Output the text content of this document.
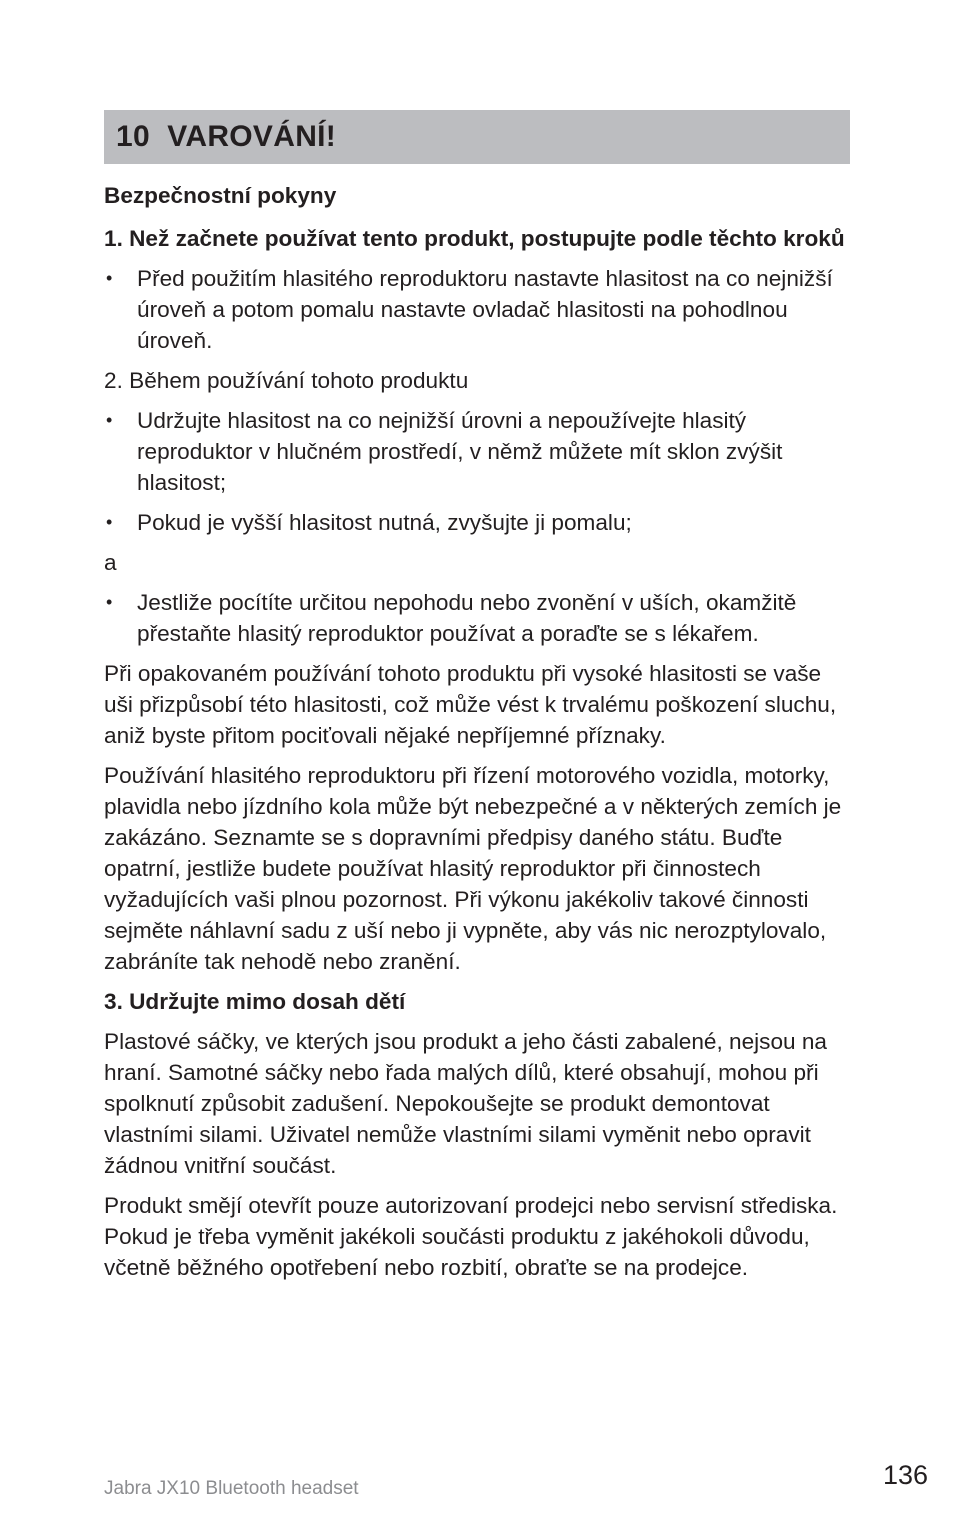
10 VAROVÁNÍ!

Bezpečnostní pokyny

1. Než začnete používat tento produkt, postupujte podle těchto kroků

• Před použitím hlasitého reproduktoru nastavte hlasitost na co nejnižší úroveň a potom pomalu nastavte ovladač hlasitosti na pohodlnou úroveň.

2. Během používání tohoto produktu

• Udržujte hlasitost na co nejnižší úrovni a nepoužívejte hlasitý reproduktor v hlučném prostředí, v němž můžete mít sklon zvýšit hlasitost;
• Pokud je vyšší hlasitost nutná, zvyšujte ji pomalu;

a

• Jestliže pocítíte určitou nepohodu nebo zvonění v uších, okamžitě přestaňte hlasitý reproduktor používat a poraďte se s lékařem.

Při opakovaném používání tohoto produktu při vysoké hlasitosti se vaše uši přizpůsobí této hlasitosti, což může vést k trvalému poškození sluchu, aniž byste přitom pociťovali nějaké nepříjemné příznaky.

Používání hlasitého reproduktoru při řízení motorového vozidla, motorky, plavidla nebo jízdního kola může být nebezpečné a v některých zemích je zakázáno. Seznamte se s dopravními předpisy daného státu. Buďte opatrní, jestliže budete používat hlasitý reproduktor při činnostech vyžadujících vaši plnou pozornost. Při výkonu jakékoliv takové činnosti sejměte náhlavní sadu z uší nebo ji vypněte, aby vás nic nerozptylovalo, zabráníte tak nehodě nebo zranění.

3. Udržujte mimo dosah dětí

Plastové sáčky, ve kterých jsou produkt a jeho části zabalené, nejsou na hraní. Samotné sáčky nebo řada malých dílů, které obsahují, mohou při spolknutí způsobit zadušení. Nepokoušejte se produkt demontovat vlastními silami. Uživatel nemůže vlastními silami vyměnit nebo opravit žádnou vnitřní součást.

Produkt smějí otevřít pouze autorizovaní prodejci nebo servisní střediska. Pokud je třeba vyměnit jakékoli součásti produktu z jakéhokoli důvodu, včetně běžného opotřebení nebo rozbití, obraťte se na prodejce.

Jabra JX10 Bluetooth headset	136
